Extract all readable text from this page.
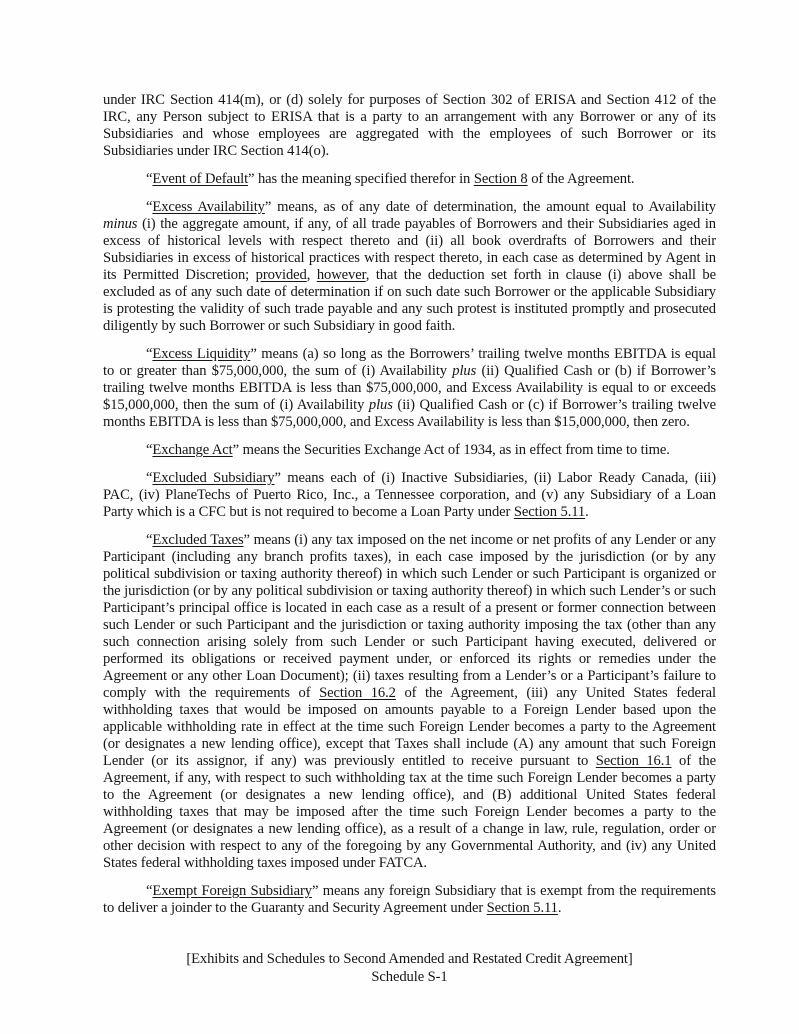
under IRC Section 414(m), or (d) solely for purposes of Section 302 of ERISA and Section 412 of the IRC, any Person subject to ERISA that is a party to an arrangement with any Borrower or any of its Subsidiaries and whose employees are aggregated with the employees of such Borrower or its Subsidiaries under IRC Section 414(o).

“Event of Default” has the meaning specified therefor in Section 8 of the Agreement.

“Excess Availability” means, as of any date of determination, the amount equal to Availability minus (i) the aggregate amount, if any, of all trade payables of Borrowers and their Subsidiaries aged in excess of historical levels with respect thereto and (ii) all book overdrafts of Borrowers and their Subsidiaries in excess of historical practices with respect thereto, in each case as determined by Agent in its Permitted Discretion; provided, however, that the deduction set forth in clause (i) above shall be excluded as of any such date of determination if on such date such Borrower or the applicable Subsidiary is protesting the validity of such trade payable and any such protest is instituted promptly and prosecuted diligently by such Borrower or such Subsidiary in good faith.

“Excess Liquidity” means (a) so long as the Borrowers’ trailing twelve months EBITDA is equal to or greater than $75,000,000, the sum of (i) Availability plus (ii) Qualified Cash or (b) if Borrower’s trailing twelve months EBITDA is less than $75,000,000, and Excess Availability is equal to or exceeds $15,000,000, then the sum of (i) Availability plus (ii) Qualified Cash or (c) if Borrower’s trailing twelve months EBITDA is less than $75,000,000, and Excess Availability is less than $15,000,000, then zero.

“Exchange Act” means the Securities Exchange Act of 1934, as in effect from time to time.

“Excluded Subsidiary” means each of (i) Inactive Subsidiaries, (ii) Labor Ready Canada, (iii) PAC, (iv) PlaneTechs of Puerto Rico, Inc., a Tennessee corporation, and (v) any Subsidiary of a Loan Party which is a CFC but is not required to become a Loan Party under Section 5.11.

“Excluded Taxes” means (i) any tax imposed on the net income or net profits of any Lender or any Participant (including any branch profits taxes), in each case imposed by the jurisdiction (or by any political subdivision or taxing authority thereof) in which such Lender or such Participant is organized or the jurisdiction (or by any political subdivision or taxing authority thereof) in which such Lender’s or such Participant’s principal office is located in each case as a result of a present or former connection between such Lender or such Participant and the jurisdiction or taxing authority imposing the tax (other than any such connection arising solely from such Lender or such Participant having executed, delivered or performed its obligations or received payment under, or enforced its rights or remedies under the Agreement or any other Loan Document); (ii) taxes resulting from a Lender’s or a Participant’s failure to comply with the requirements of Section 16.2 of the Agreement, (iii) any United States federal withholding taxes that would be imposed on amounts payable to a Foreign Lender based upon the applicable withholding rate in effect at the time such Foreign Lender becomes a party to the Agreement (or designates a new lending office), except that Taxes shall include (A) any amount that such Foreign Lender (or its assignor, if any) was previously entitled to receive pursuant to Section 16.1 of the Agreement, if any, with respect to such withholding tax at the time such Foreign Lender becomes a party to the Agreement (or designates a new lending office), and (B) additional United States federal withholding taxes that may be imposed after the time such Foreign Lender becomes a party to the Agreement (or designates a new lending office), as a result of a change in law, rule, regulation, order or other decision with respect to any of the foregoing by any Governmental Authority, and (iv) any United States federal withholding taxes imposed under FATCA.

“Exempt Foreign Subsidiary” means any foreign Subsidiary that is exempt from the requirements to deliver a joinder to the Guaranty and Security Agreement under Section 5.11.

[Exhibits and Schedules to Second Amended and Restated Credit Agreement]
Schedule S-1
